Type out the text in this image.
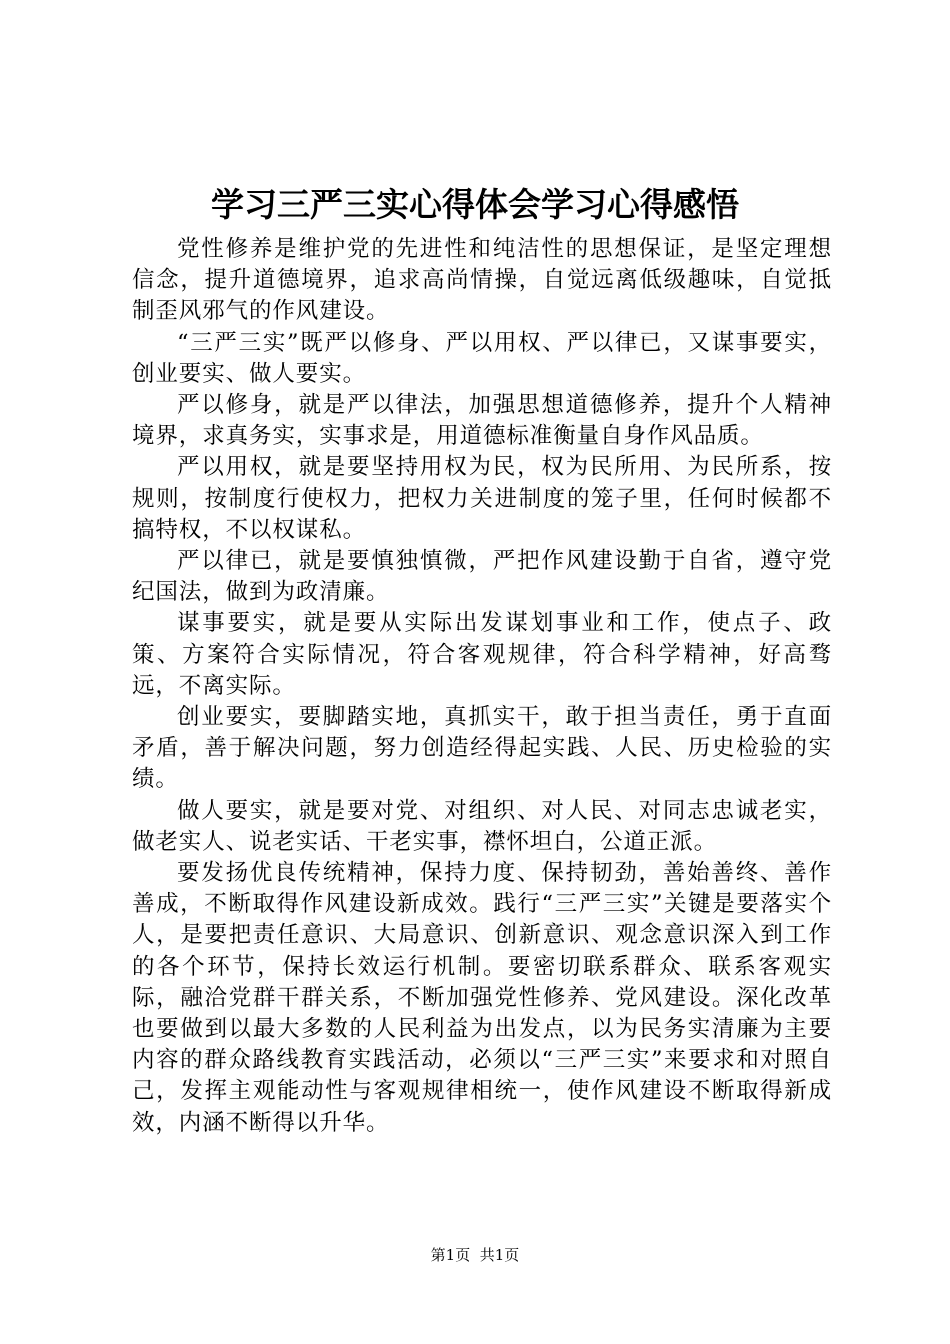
学习三严三实心得体会学习心得感悟

党性修养是维护党的先进性和纯洁性的思想保证，是坚定理想信念，提升道德境界，追求高尚情操，自觉远离低级趣味，自觉抵制歪风邪气的作风建设。

“三严三实”既严以修身、严以用权、严以律已，又谋事要实，创业要实、做人要实。

严以修身，就是严以律法，加强思想道德修养，提升个人精神境界，求真务实，实事求是，用道德标准衡量自身作风品质。

严以用权，就是要坚持用权为民，权为民所用、为民所系，按规则，按制度行使权力，把权力关进制度的笼子里，任何时候都不搞特权，不以权谋私。

严以律已，就是要慎独慎微，严把作风建设勤于自省，遵守党纪国法，做到为政清廉。

谋事要实，就是要从实际出发谋划事业和工作，使点子、政策、方案符合实际情况，符合客观规律，符合科学精神，好高骛远，不离实际。

创业要实，要脚踏实地，真抓实干，敢于担当责任，勇于直面矛盾，善于解决问题，努力创造经得起实践、人民、历史检验的实绩。

做人要实，就是要对党、对组织、对人民、对同志忠诚老实，做老实人、说老实话、干老实事，襟怀坦白，公道正派。

要发扬优良传统精神，保持力度、保持韧劲，善始善终、善作善成，不断取得作风建设新成效。践行“三严三实”关键是要落实个人，是要把责任意识、大局意识、创新意识、观念意识深入到工作的各个环节，保持长效运行机制。要密切联系群众、联系客观实际，融洽党群干群关系，不断加强党性修养、党风建设。深化改革也要做到以最大多数的人民利益为出发点，以为民务实清廉为主要内容的群众路线教育实践活动，必须以“三严三实”来要求和对照自己，发挥主观能动性与客观规律相统一，使作风建设不断取得新成效，内涵不断得以升华。

第1页 共1页
